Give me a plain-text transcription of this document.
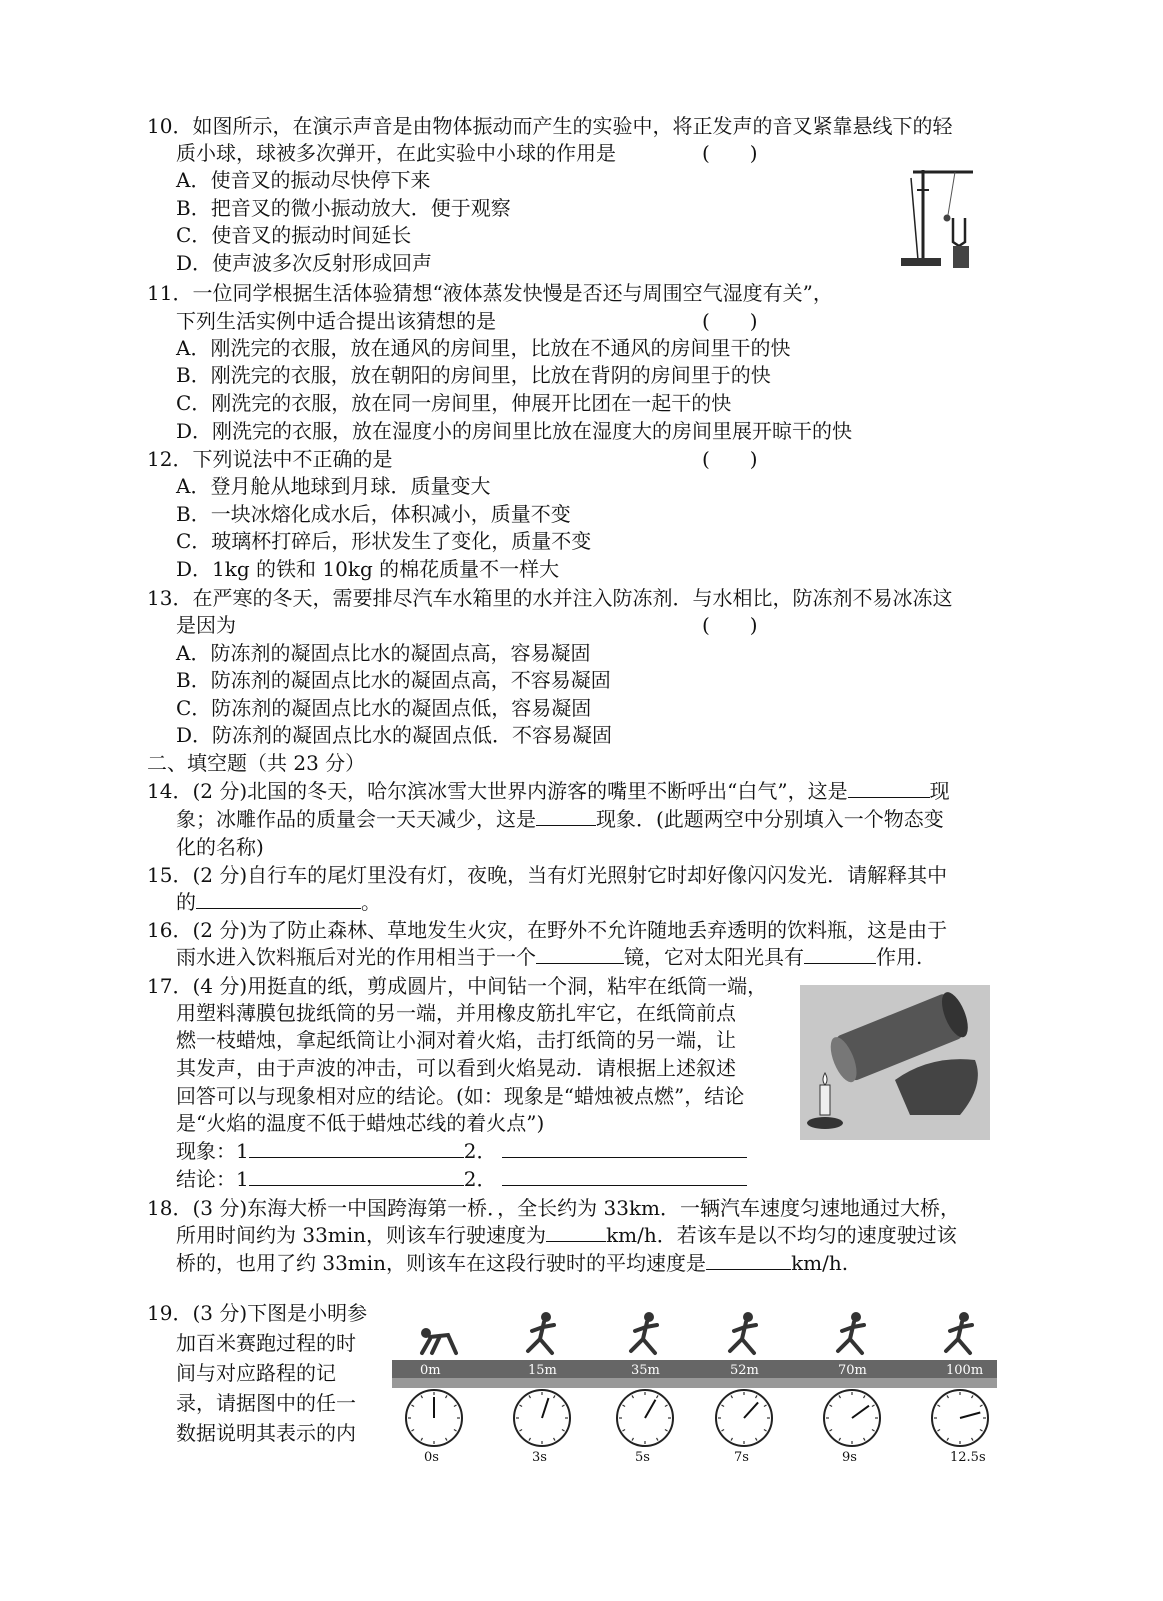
10．如图所示，在演示声音是由物体振动而产生的实验中，将正发声的音叉紧靠悬线下的轻
质小球，球被多次弹开，在此实验中小球的作用是	(　　)
A．使音叉的振动尽快停下来
B．把音叉的微小振动放大．便于观察
C．使音叉的振动时间延长
D．使声波多次反射形成回声
11．一位同学根据生活体验猜想“液体蒸发快慢是否还与周围空气湿度有关”，
下列生活实例中适合提出该猜想的是	(　　)
A．刚洗完的衣服，放在通风的房间里，比放在不通风的房间里干的快
B．刚洗完的衣服，放在朝阳的房间里，比放在背阴的房间里于的快
C．刚洗完的衣服，放在同一房间里，伸展开比团在一起干的快
D．刚洗完的衣服，放在湿度小的房间里比放在湿度大的房间里展开晾干的快
12．下列说法中不正确的是	(　　)
A．登月舱从地球到月球．质量变大
B．一块冰熔化成水后，体积减小，质量不变
C．玻璃杯打碎后，形状发生了变化，质量不变
D．1kg 的铁和 10kg 的棉花质量不一样大
13．在严寒的冬天，需要排尽汽车水箱里的水并注入防冻剂．与水相比，防冻剂不易冰冻这
是因为	(　　)
A．防冻剂的凝固点比水的凝固点高，容易凝固
B．防冻剂的凝固点比水的凝固点高，不容易凝固
C．防冻剂的凝固点比水的凝固点低，容易凝固
D．防冻剂的凝固点比水的凝固点低．不容易凝固
二、填空题（共 23 分）
14．(2 分)北国的冬天，哈尔滨冰雪大世界内游客的嘴里不断呼出“白气”，这是	现
象；冰雕作品的质量会一天天减少，这是	现象．(此题两空中分别填入一个物态变
化的名称)
15．(2 分)自行车的尾灯里没有灯，夜晚，当有灯光照射它时却好像闪闪发光．请解释其中
的	。
16．(2 分)为了防止森林、草地发生火灾，在野外不允许随地丢弃透明的饮料瓶，这是由于
雨水进入饮料瓶后对光的作用相当于一个	镜，它对太阳光具有	作用.
17．(4 分)用挺直的纸，剪成圆片，中间钻一个洞，粘牢在纸筒一端，
用塑料薄膜包拢纸筒的另一端，并用橡皮筋扎牢它，在纸筒前点
燃一枝蜡烛，拿起纸筒让小洞对着火焰，击打纸筒的另一端，让
其发声，由于声波的冲击，可以看到火焰晃动．请根据上述叙述
回答可以与现象相对应的结论。(如：现象是“蜡烛被点燃”，结论
是“火焰的温度不低于蜡烛芯线的着火点”)
现象：1	2．
结论：1	2．
18．(3 分)东海大桥一中国跨海第一桥．，全长约为 33km．一辆汽车速度匀速地通过大桥，
所用时间约为 33min，则该车行驶速度为	km/h．若该车是以不均匀的速度驶过该
桥的，也用了约 33min，则该车在这段行驶时的平均速度是	km/h.
19．(3 分)下图是小明参
加百米赛跑过程的时
间与对应路程的记
录，请据图中的任一
数据说明其表示的内
0m	15m	35m	52m	70m	100m
0s	3s	5s	7s	9s	12.5s
